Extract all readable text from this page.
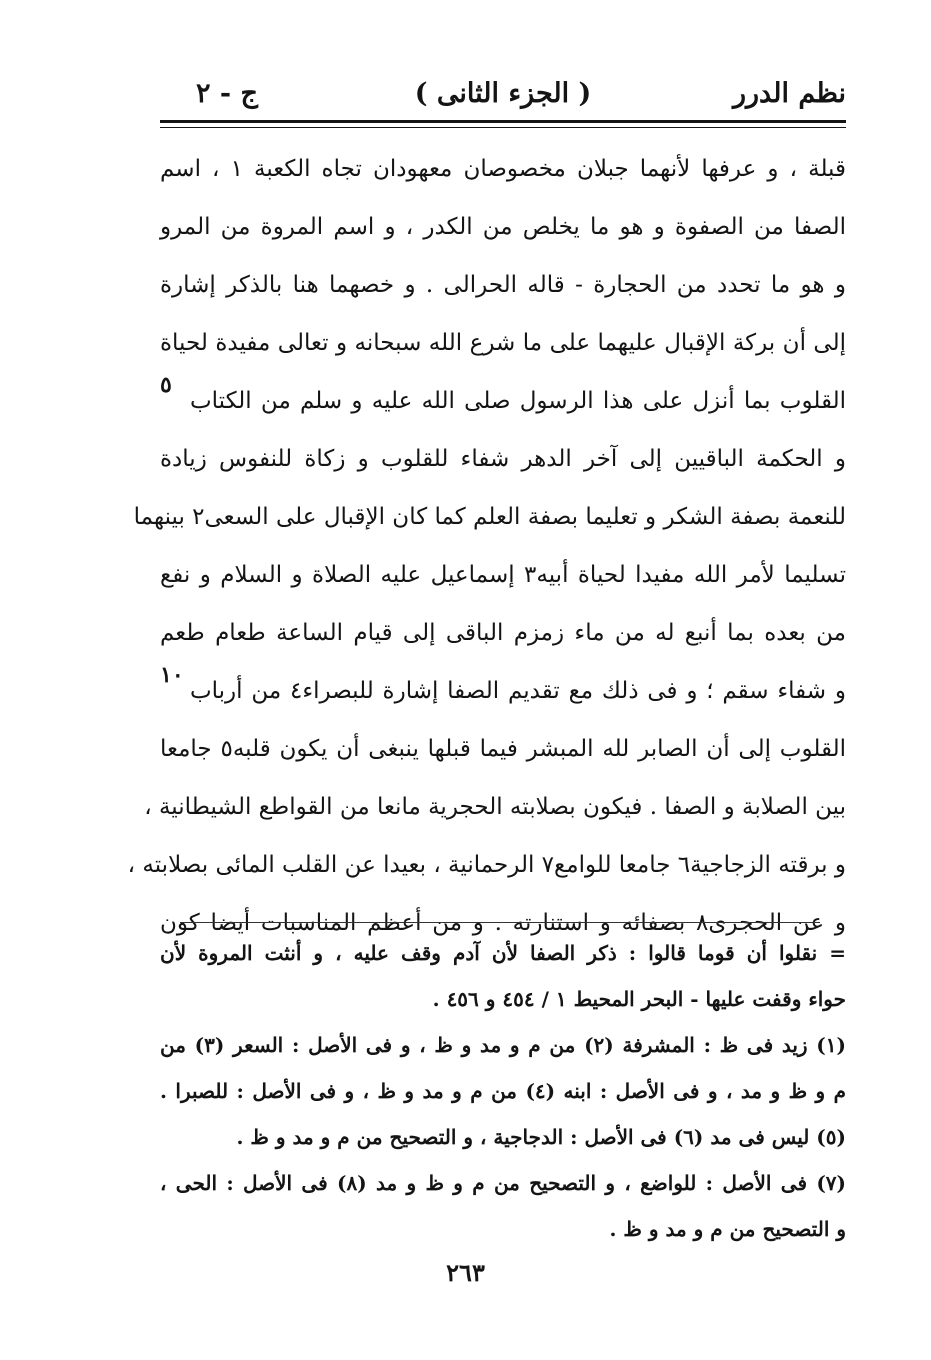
نظم الدرر
( الجزء الثانى )
ج - ٢
قبلة ، و عرفها لأنهما جبلان مخصوصان معهودان تجاه الكعبة ١ ، اسم
الصفا من الصفوة و هو ما يخلص من الكدر ، و اسم المروة من المرو
و هو ما تحدد من الحجارة - قاله الحرالى . و خصهما هنا بالذكر إشارة
إلى أن بركة الإقبال عليهما على ما شرع الله سبحانه و تعالى مفيدة لحياة
القلوب بما أنزل على هذا الرسول صلى الله عليه و سلم من الكتاب
و الحكمة الباقيين إلى آخر الدهر شفاء للقلوب و زكاة للنفوس زيادة
للنعمة بصفة الشكر و تعليما بصفة العلم كما كان الإقبال على السعى٢ بينهما
تسليما لأمر الله مفيدا لحياة أبيه٣ إسماعيل عليه الصلاة و السلام و نفع
من بعده بما أنبع له من ماء زمزم الباقى إلى قيام الساعة طعام طعم
و شفاء سقم ؛ و فى ذلك مع تقديم الصفا إشارة للبصراء٤ من أرباب
القلوب إلى أن الصابر لله المبشر فيما قبلها ينبغى أن يكون قلبه٥ جامعا
بين الصلابة و الصفا . فيكون بصلابته الحجرية مانعا من القواطع الشيطانية ،
و برقته الزجاجية٦ جامعا للوامع٧ الرحمانية ، بعيدا عن القلب المائى بصلابته ،
و عن الحجرى٨ بصفائه و استنارته . و من أعظم المناسبات أيضا كون
٥
١٠
= نقلوا أن قوما قالوا : ذكر الصفا لأن آدم وقف عليه ، و أنثت المروة لأن
حواء وقفت عليها - البحر المحيط ١ / ٤٥٤ و ٤٥٦ .
(١) زيد فى ظ : المشرفة (٢) من م و مد و ظ ، و فى الأصل : السعر (٣) من
م و ظ و مد ، و فى الأصل : ابنه (٤) من م و مد و ظ ، و فى الأصل : للصبرا .
(٥) ليس فى مد (٦) فى الأصل : الدجاجية ، و التصحيح من م و مد و ظ .
(٧) فى الأصل : للواضع ، و التصحيح من م و ظ و مد (٨) فى الأصل : الحى ،
و التصحيح من م و مد و ظ .
٢٦٣
